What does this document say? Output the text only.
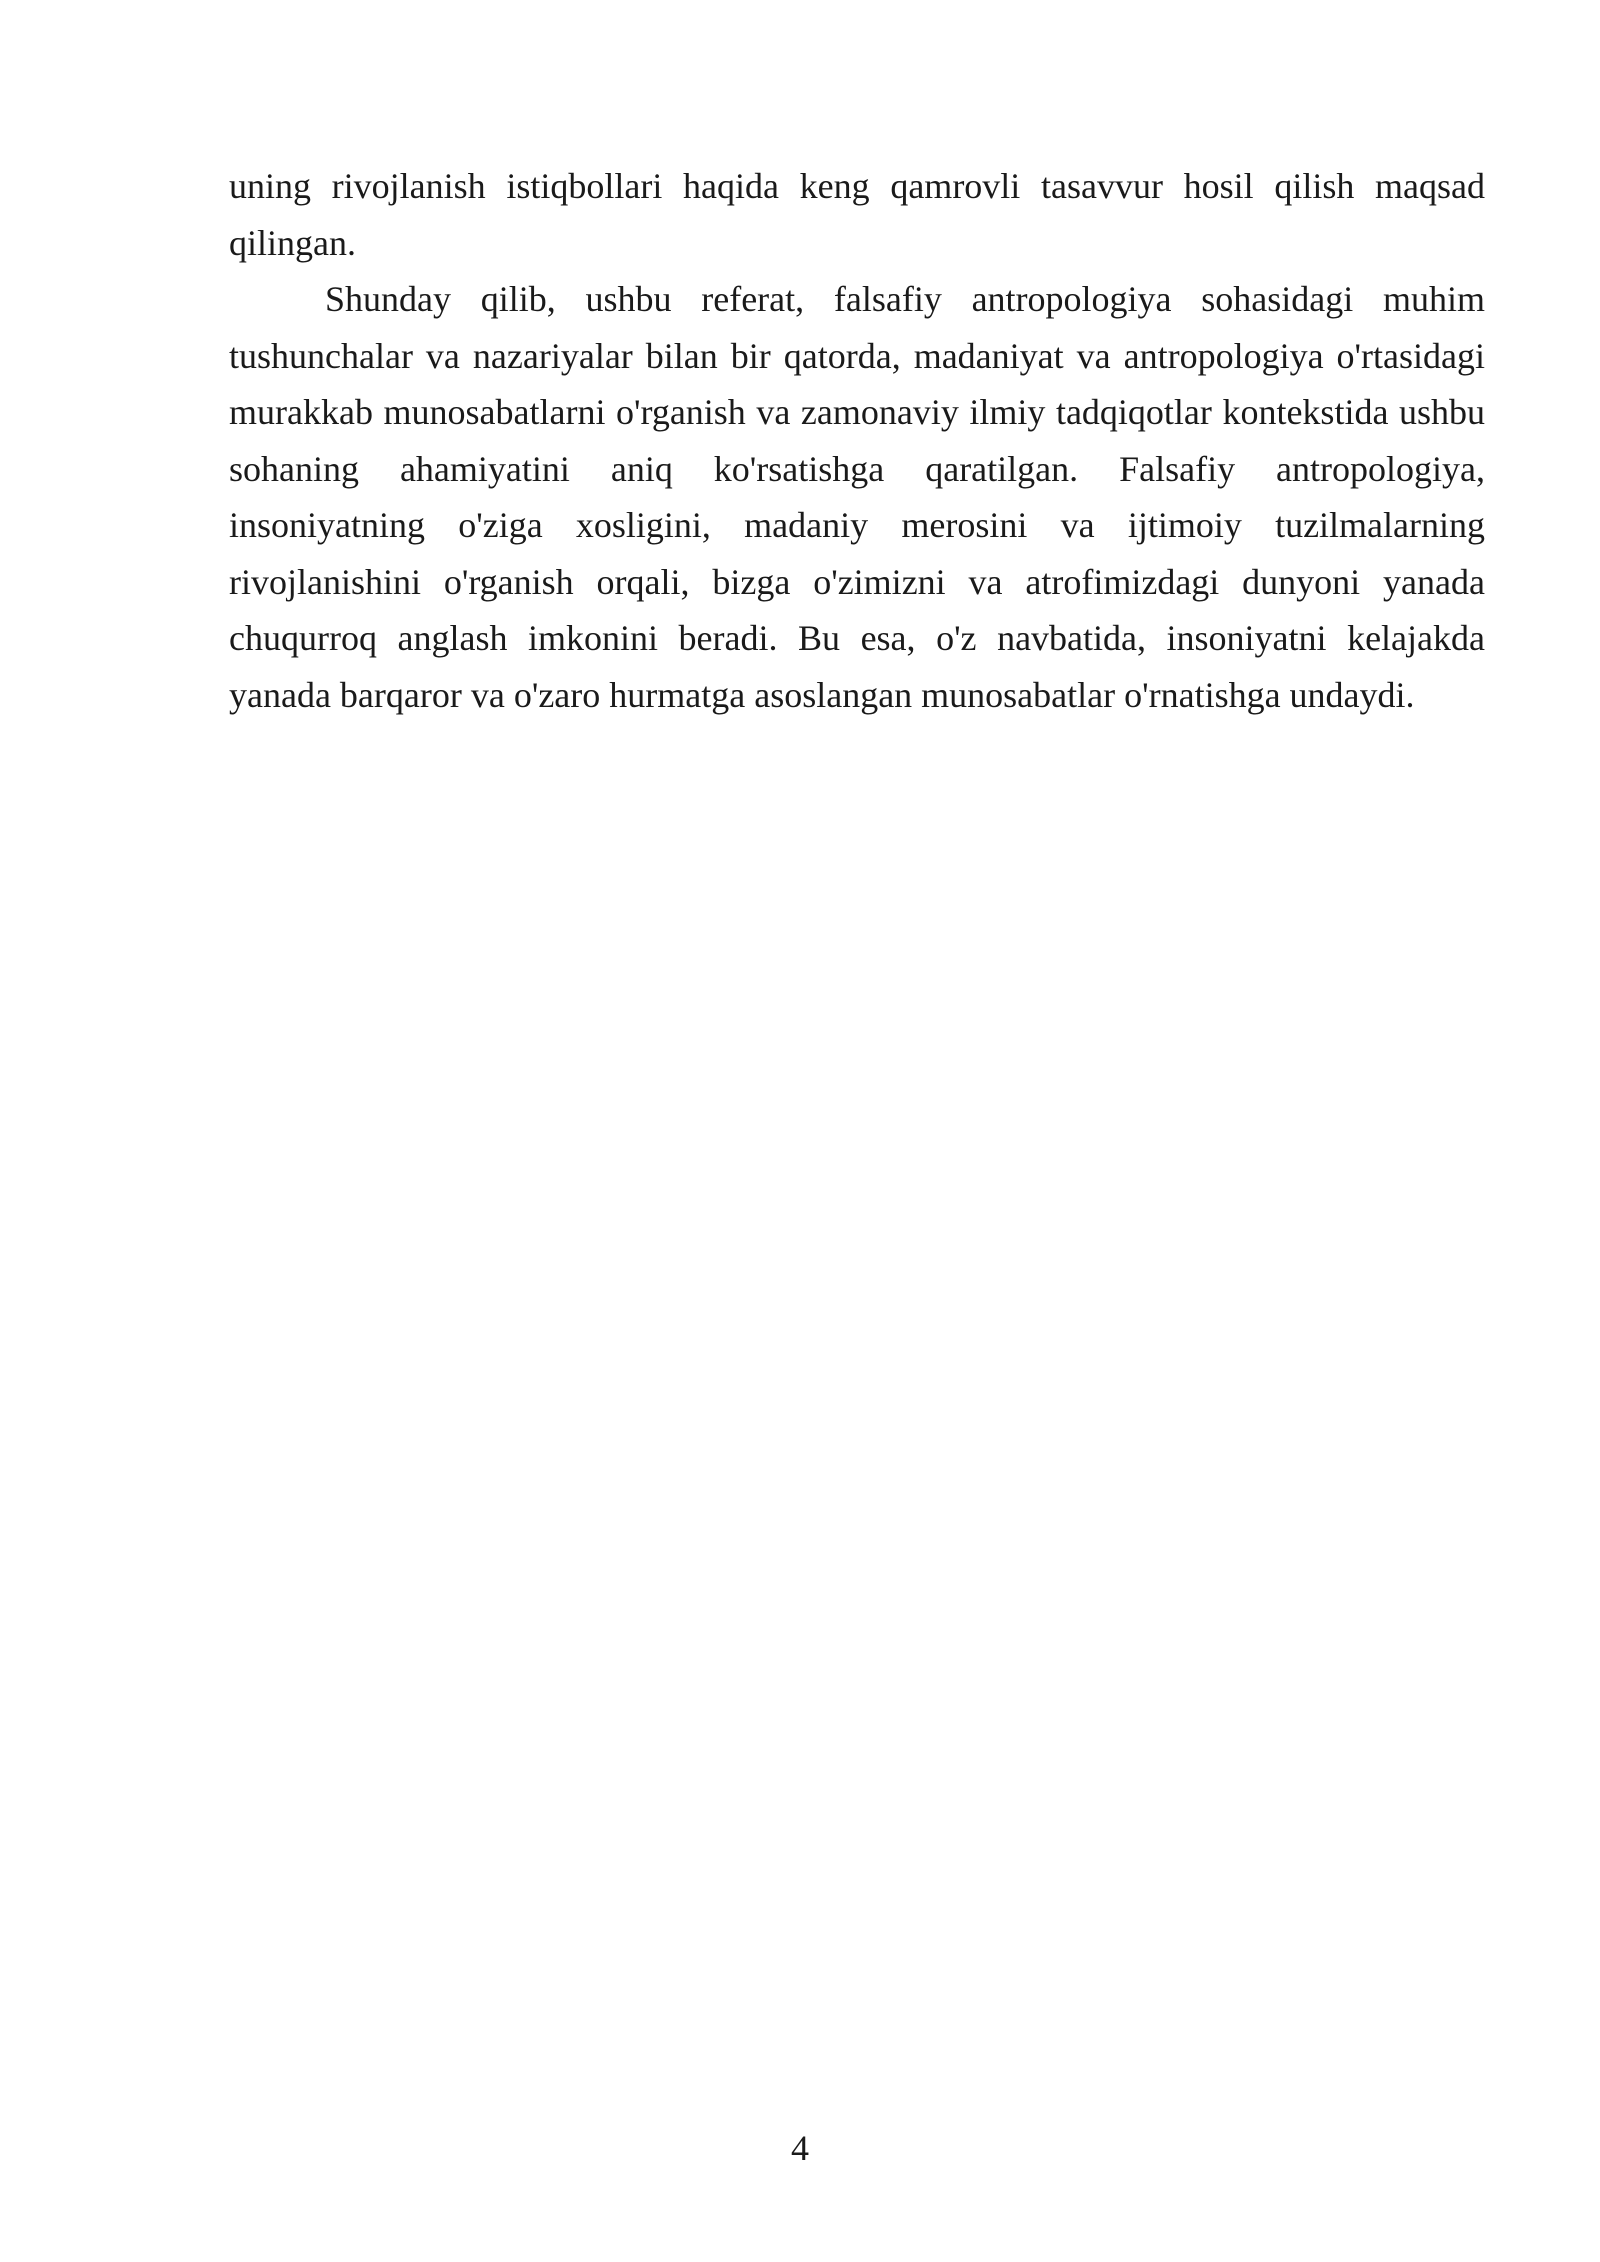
uning rivojlanish istiqbollari haqida keng qamrovli tasavvur hosil qilish maqsad qilingan.

Shunday qilib, ushbu referat, falsafiy antropologiya sohasidagi muhim tushunchalar va nazariyalar bilan bir qatorda, madaniyat va antropologiya o'rtasidagi murakkab munosabatlarni o'rganish va zamonaviy ilmiy tadqiqotlar kontekstida ushbu sohaning ahamiyatini aniq ko'rsatishga qaratilgan. Falsafiy antropologiya, insoniyatning o'ziga xosligini, madaniy merosini va ijtimoiy tuzilmalarning rivojlanishini o'rganish orqali, bizga o'zimizni va atrofimizdagi dunyoni yanada chuqurroq anglash imkonini beradi. Bu esa, o'z navbatida, insoniyatni kelajakda yanada barqaror va o'zaro hurmatga asoslangan munosabatlar o'rnatishga undaydi.

4
